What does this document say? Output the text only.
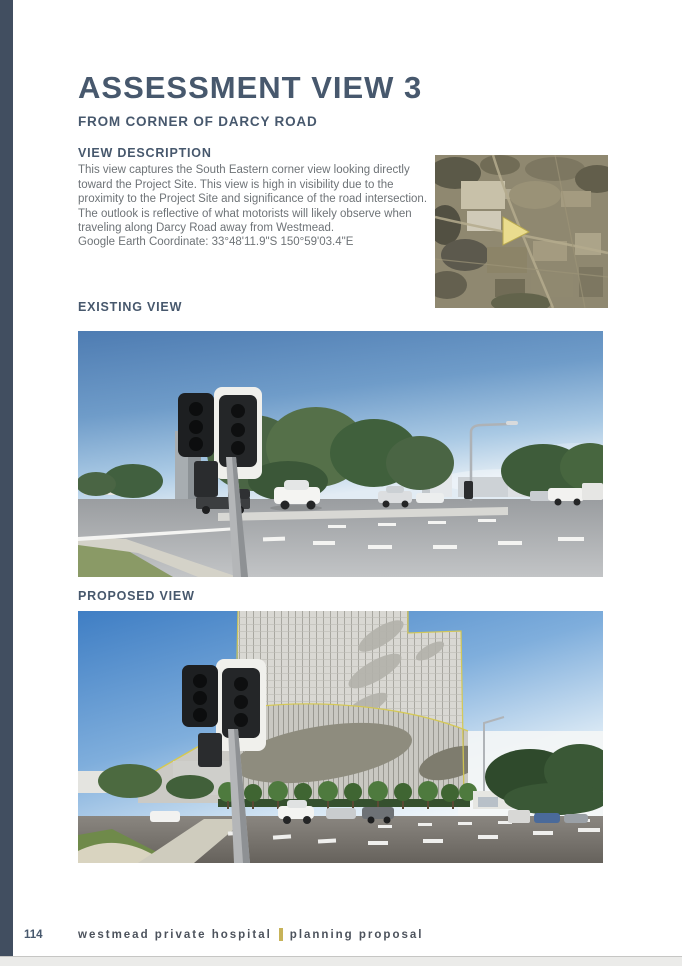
ASSESSMENT VIEW 3
FROM CORNER OF DARCY ROAD
VIEW DESCRIPTION

This view captures the South Eastern corner view looking directly toward the Project Site. This view is high in visibility due to the proximity to the Project Site and significance of the road intersection. The outlook is reflective of what motorists will likely observe when traveling along Darcy Road away from Westmead.

Google Earth Coordinate: 33°48'11.9"S 150°59'03.4"E

EXISTING VIEW
PROPOSED VIEW
114	westmead private hospital planning proposal
